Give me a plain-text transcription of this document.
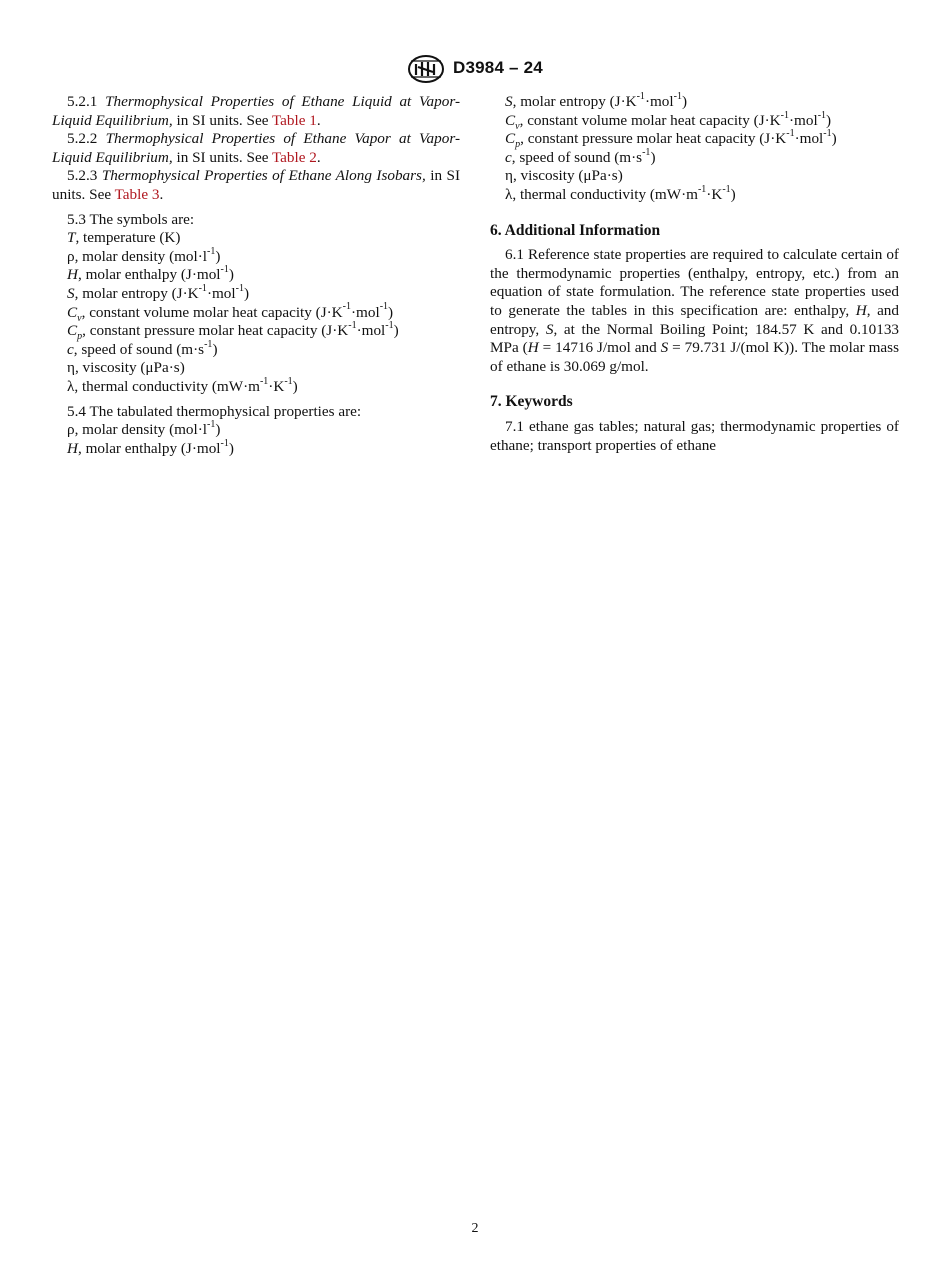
D3984 – 24

5.2.1 Thermophysical Properties of Ethane Liquid at Vapor-Liquid Equilibrium, in SI units. See Table 1.

5.2.2 Thermophysical Properties of Ethane Vapor at Vapor-Liquid Equilibrium, in SI units. See Table 2.

5.2.3 Thermophysical Properties of Ethane Along Isobars, in SI units. See Table 3.

5.3 The symbols are:

T, temperature (K)

ρ, molar density $(mol\cdot l^{-1})$

H, molar enthalpy (J·mol$^{-1}$)

S, molar entropy $(J\cdot K^{-1}\cdot mol^{-1})$

$C_v$, constant volume molar heat capacity $(J\cdot K^{-1}\cdot mol^{-1})$

$C_p$, constant pressure molar heat capacity $(J\cdot K^{-1}\cdot mol^{-1})$

c, speed of sound $(m\cdot s^{-1})$

η, viscosity (μPa·s)

λ, thermal conductivity $(mW\cdot m^{-1}\cdot K^{-1})$

5.4 The tabulated thermophysical properties are:

ρ, molar density $(mol\cdot l^{-1})$

H, molar enthalpy (J·mol$^{-1}$)

S, molar entropy $(J\cdot K^{-1}\cdot mol^{-1})$

$C_v$, constant volume molar heat capacity $(J\cdot K^{-1}\cdot mol^{-1})$

$C_p$, constant pressure molar heat capacity $(J\cdot K^{-1}\cdot mol^{-1})$

c, speed of sound $(m\cdot s^{-1})$

η, viscosity (μPa·s)

λ, thermal conductivity $(mW\cdot m^{-1}\cdot K^{-1})$

6. Additional Information

6.1 Reference state properties are required to calculate certain of the thermodynamic properties (enthalpy, entropy, etc.) from an equation of state formulation. The reference state properties used to generate the tables in this specification are: enthalpy, H, and entropy, S, at the Normal Boiling Point; 184.57 K and 0.10133 MPa (H = 14716 J/mol and S = 79.731 J/(mol K)). The molar mass of ethane is 30.069 g/mol.

7. Keywords

7.1 ethane gas tables; natural gas; thermodynamic properties of ethane; transport properties of ethane

2
